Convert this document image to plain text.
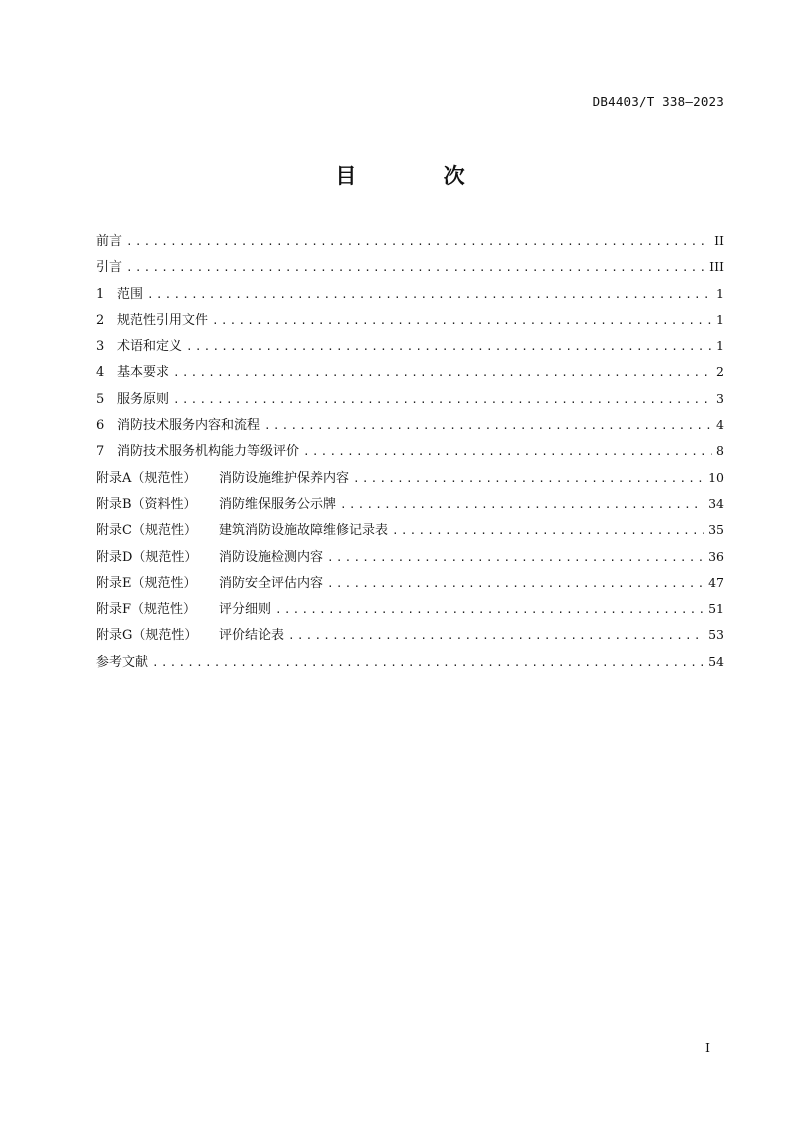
DB4403/T 338—2023
目 次
前言 .....	II
引言 .....	III
1 范围 .....	1
2 规范性引用文件 .....	1
3 术语和定义 .....	1
4 基本要求 .....	2
5 服务原则 .....	3
6 消防技术服务内容和流程 .....	4
7 消防技术服务机构能力等级评价 .....	8
附录A（规范性）	消防设施维护保养内容 .....	10
附录B（资料性）	消防维保服务公示牌 .....	34
附录C（规范性）	建筑消防设施故障维修记录表 .....	35
附录D（规范性）	消防设施检测内容 .....	36
附录E（规范性）	消防安全评估内容 .....	47
附录F（规范性）	评分细则 .....	51
附录G（规范性）	评价结论表 .....	53
参考文献 .....	54
I
